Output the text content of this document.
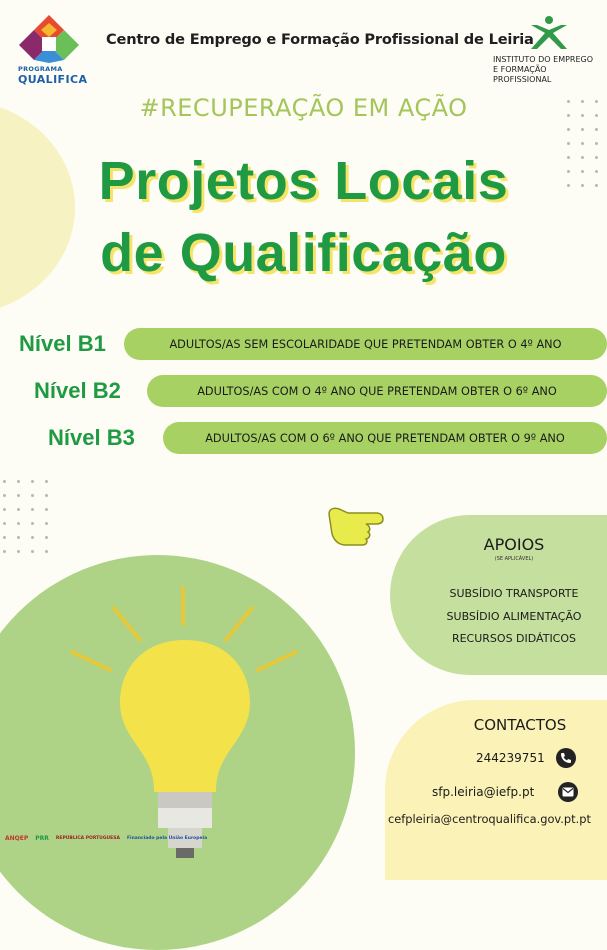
PROGRAMA
QUALIFICA
Centro de Emprego e Formação Profissional de Leiria
INSTITUTO DO EMPREGO
E FORMAÇÃO PROFISSIONAL
#RECUPERAÇÃO EM AÇÃO
Projetos Locais
de Qualificação
Nível B1	ADULTOS/AS SEM ESCOLARIDADE QUE PRETENDAM OBTER O 4º ANO
Nível B2	ADULTOS/AS COM O 4º ANO QUE PRETENDAM OBTER O 6º ANO
Nível B3	ADULTOS/AS COM O 6º ANO QUE PRETENDAM OBTER O 9º ANO
APOIOS
(SE APLICÁVEL)
SUBSÍDIO TRANSPORTE
SUBSÍDIO ALIMENTAÇÃO
RECURSOS DIDÁTICOS
CONTACTOS
244239751
sfp.leiria@iefp.pt
cefpleiria@centroqualifica.gov.pt.pt
ANQEP PRR REPÚBLICA PORTUGUESA Financiado pela União Europeia
